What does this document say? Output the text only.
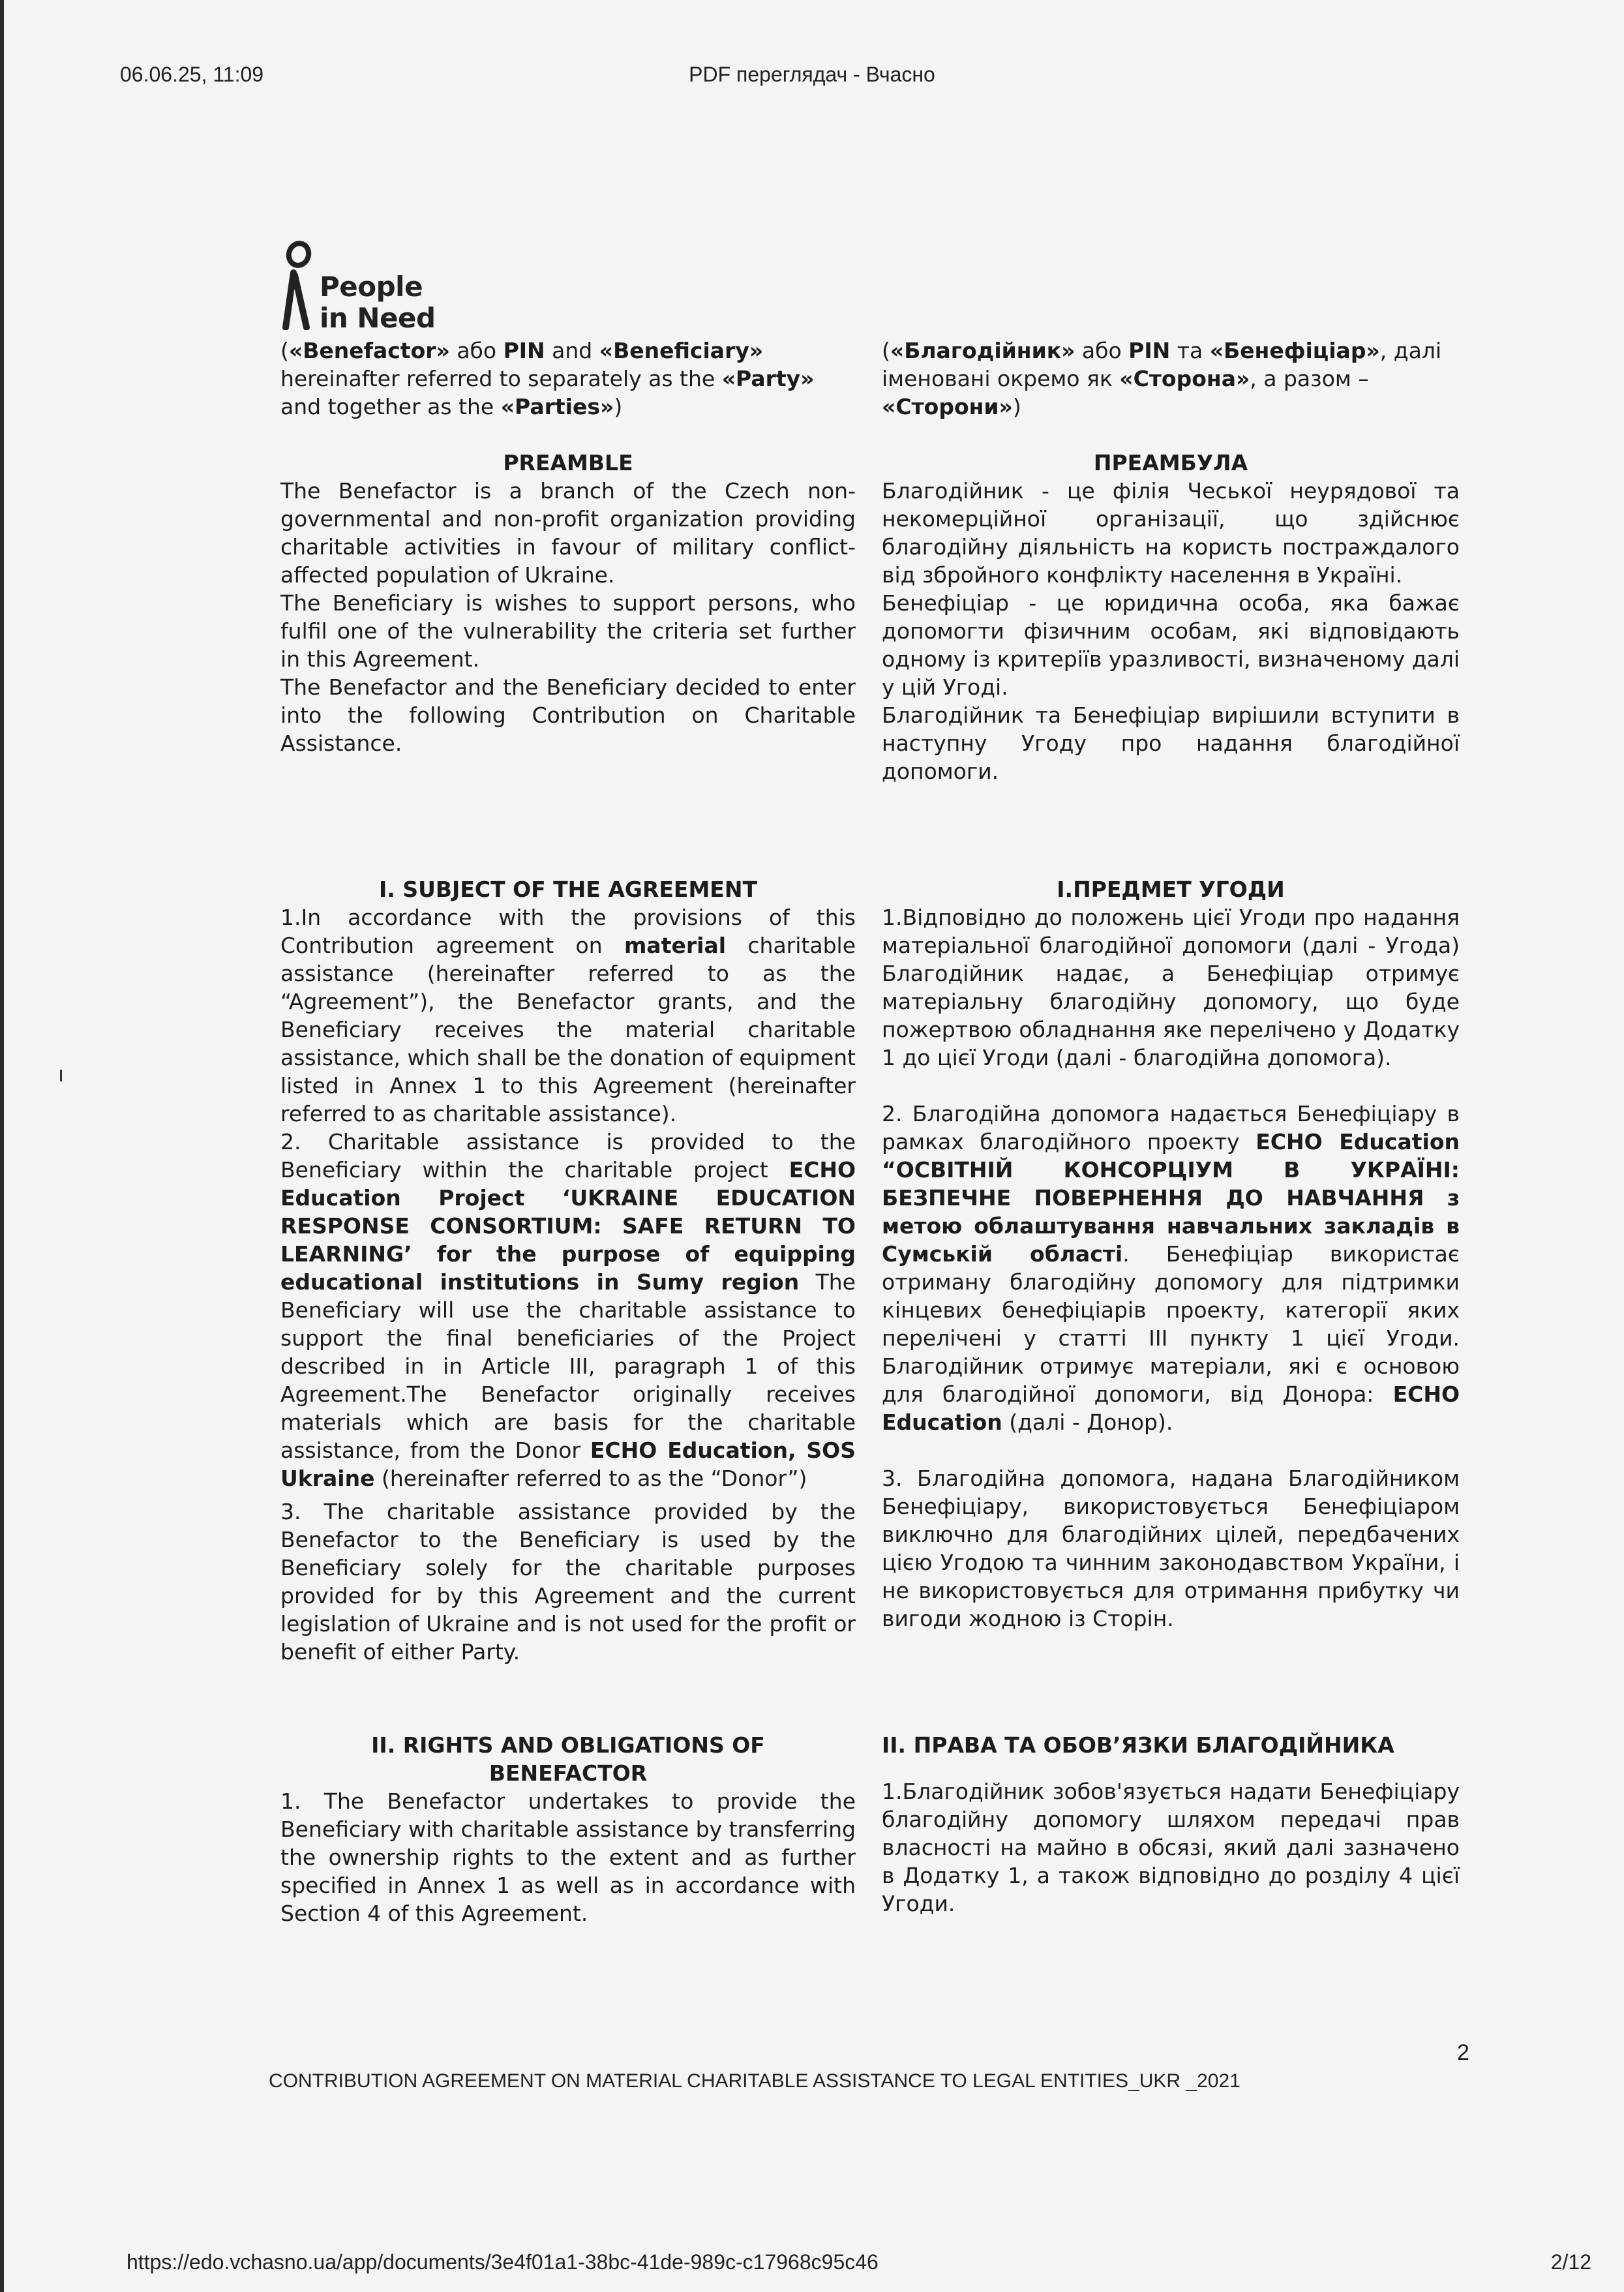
06.06.25, 11:09	PDF переглядач - Вчасно
People
in Need

(«Benefactor» або PIN and «Beneficiary» hereinafter referred to separately as the «Party» and together as the «Parties»)

PREAMBLE

The Benefactor is a branch of the Czech non-governmental and non-profit organization providing charitable activities in favour of military conflict-affected population of Ukraine.

The Beneficiary is wishes to support persons, who fulfil one of the vulnerability the criteria set further in this Agreement.

The Benefactor and the Beneficiary decided to enter into the following Contribution on Charitable Assistance.

I. SUBJECT OF THE AGREEMENT

1.In accordance with the provisions of this Contribution agreement on material charitable assistance (hereinafter referred to as the “Agreement”), the Benefactor grants, and the Beneficiary receives the material charitable assistance, which shall be the donation of equipment listed in Annex 1 to this Agreement (hereinafter referred to as charitable assistance).

2. Charitable assistance is provided to the Beneficiary within the charitable project ECHO Education Project ‘UKRAINE EDUCATION RESPONSE CONSORTIUM: SAFE RETURN TO LEARNING’ for the purpose of equipping educational institutions in Sumy region The Beneficiary will use the charitable assistance to support the final beneficiaries of the Project described in in Article III, paragraph 1 of this Agreement.The Benefactor originally receives materials which are basis for the charitable assistance, from the Donor ECHO Education, SOS Ukraine (hereinafter referred to as the “Donor”)

3. The charitable assistance provided by the Benefactor to the Beneficiary is used by the Beneficiary solely for the charitable purposes provided for by this Agreement and the current legislation of Ukraine and is not used for the profit or benefit of either Party.

II. RIGHTS AND OBLIGATIONS OF BENEFACTOR

1. The Benefactor undertakes to provide the Beneficiary with charitable assistance by transferring the ownership rights to the extent and as further specified in Annex 1 as well as in accordance with Section 4 of this Agreement.

(«Благодійник» або PIN та «Бенефіціар», далі іменовані окремо як «Сторона», а разом – «Сторони»)

ПРЕАМБУЛА

Благодійник - це філія Чеської неурядової та некомерційної організації, що здійснює благодійну діяльність на користь постраждалого від збройного конфлікту населення в Україні.

Бенефіціар - це юридична особа, яка бажає допомогти фізичним особам, які відповідають одному із критеріїв уразливості, визначеному далі у цій Угоді.

Благодійник та Бенефіціар вирішили вступити в наступну Угоду про надання благодійної допомоги.

I.ПРЕДМЕТ УГОДИ

1.Відповідно до положень цієї Угоди про надання матеріальної благодійної допомоги (далі - Угода) Благодійник надає, а Бенефіціар отримує матеріальну благодійну допомогу, що буде пожертвою обладнання яке перелічено у Додатку 1 до цієї Угоди (далі - благодійна допомога).

2. Благодійна допомога надається Бенефіціару в рамках благодійного проекту ECHO Education “ОСВІТНІЙ КОНСОРЦІУМ В УКРАЇНІ: БЕЗПЕЧНЕ ПОВЕРНЕННЯ ДО НАВЧАННЯ з метою облаштування навчальних закладів в Сумській області. Бенефіціар використає отриману благодійну допомогу для підтримки кінцевих бенефіціарів проекту, категорії яких перелічені у статті III пункту 1 цієї Угоди. Благодійник отримує матеріали, які є основою для благодійної допомоги, від Донора: ECHO Education (далі - Донор).

3. Благодійна допомога, надана Благодійником Бенефіціару, використовується Бенефіціаром виключно для благодійних цілей, передбачених цією Угодою та чинним законодавством України, і не використовується для отримання прибутку чи вигоди жодною із Сторін.

II. ПРАВА ТА ОБОВ’ЯЗКИ БЛАГОДІЙНИКА

1.Благодійник зобов'язується надати Бенефіціару благодійну допомогу шляхом передачі прав власності на майно в обсязі, який далі зазначено в Додатку 1, а також відповідно до розділу 4 цієї Угоди.

2
CONTRIBUTION AGREEMENT ON MATERIAL CHARITABLE ASSISTANCE TO LEGAL ENTITIES_UKR _2021
https://edo.vchasno.ua/app/documents/3e4f01a1-38bc-41de-989c-c17968c95c46	2/12
